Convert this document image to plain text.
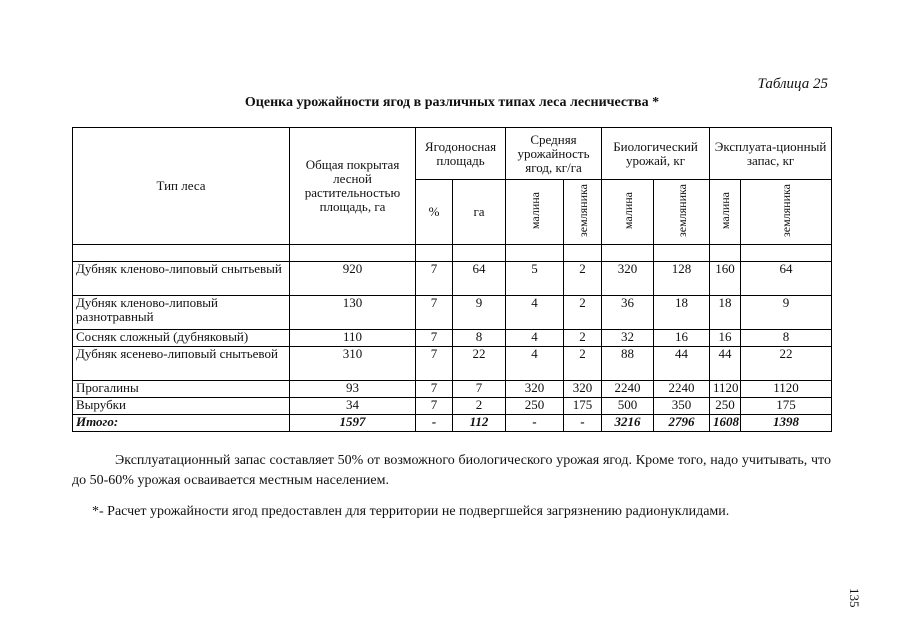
Таблица 25
Оценка урожайности ягод в различных типах леса лесничества *
Тип леса	Общая покрытая лесной растительностью площадь, га	Ягодоносная площадь		Средняя урожайность ягод, кг/га		Биологический урожай, кг		Эксплуата-ционный запас, кг	
		%	га	малина	земляника	малина	земляника	малина	земляника

Дубняк кленово-липовый снытьевый	920	7	64	5	2	320	128	160	64
Дубняк кленово-липовый разнотравный	130	7	9	4	2	36	18	18	9
Сосняк сложный (дубняковый)	110	7	8	4	2	32	16	16	8
Дубняк ясенево-липовый снытьевой	310	7	22	4	2	88	44	44	22
Прогалины	93	7	7	320	320	2240	2240	1120	1120
Вырубки	34	7	2	250	175	500	350	250	175
Итого:	1597	-	112	-	-	3216	2796	1608	1398
Эксплуатационный запас составляет 50% от возможного биологического урожая ягод. Кроме того, надо учитывать, что до 50-60% урожая осваивается местным населением.
*- Расчет урожайности ягод предоставлен для территории не подвергшейся загрязнению радионуклидами.
135
